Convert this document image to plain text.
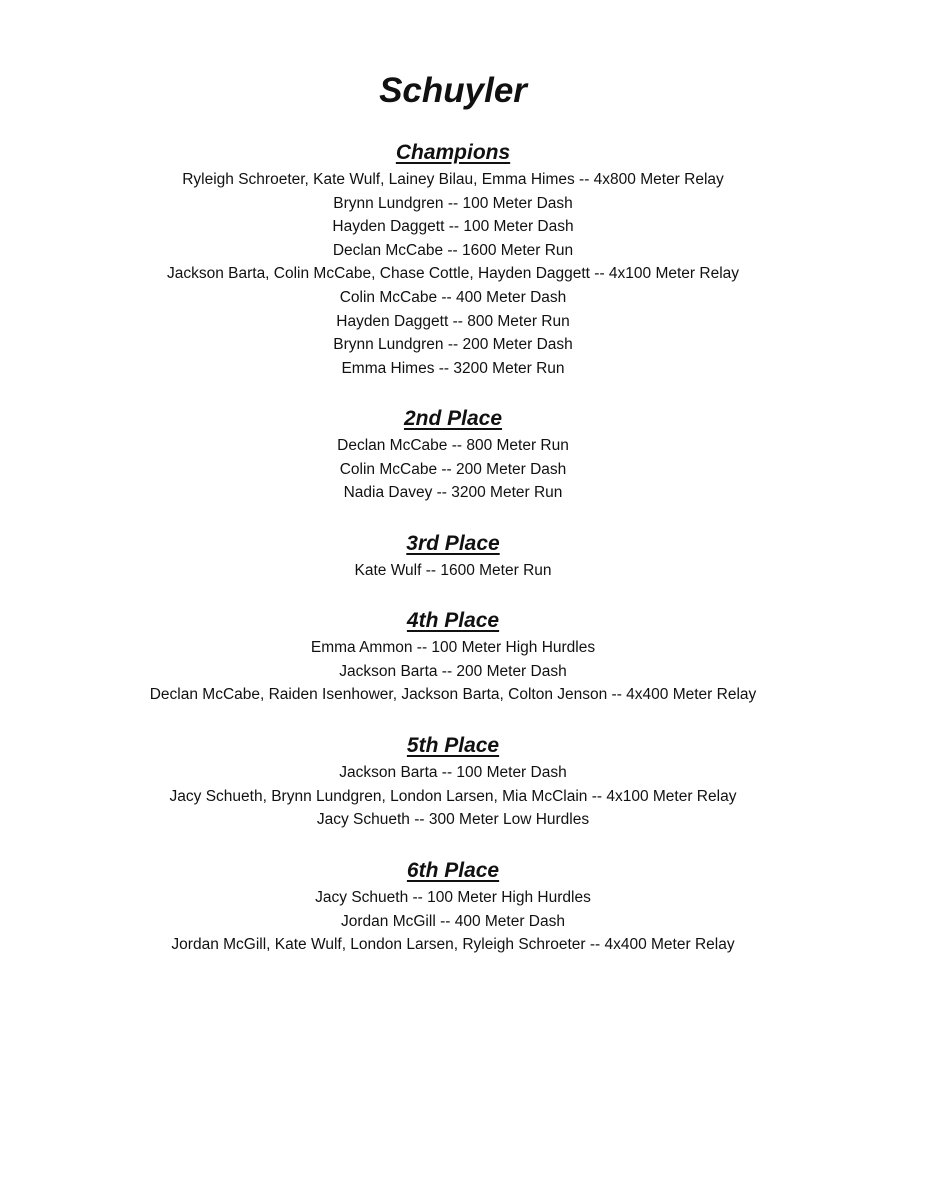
Schuyler
Champions
Ryleigh Schroeter, Kate Wulf, Lainey Bilau, Emma Himes -- 4x800 Meter Relay
Brynn Lundgren -- 100 Meter Dash
Hayden Daggett -- 100 Meter Dash
Declan McCabe -- 1600 Meter Run
Jackson Barta, Colin McCabe, Chase Cottle, Hayden Daggett -- 4x100 Meter Relay
Colin McCabe -- 400 Meter Dash
Hayden Daggett -- 800 Meter Run
Brynn Lundgren -- 200 Meter Dash
Emma Himes -- 3200 Meter Run
2nd Place
Declan McCabe -- 800 Meter Run
Colin McCabe -- 200 Meter Dash
Nadia Davey -- 3200 Meter Run
3rd Place
Kate Wulf -- 1600 Meter Run
4th Place
Emma Ammon -- 100 Meter High Hurdles
Jackson Barta -- 200 Meter Dash
Declan McCabe, Raiden Isenhower, Jackson Barta, Colton Jenson -- 4x400 Meter Relay
5th Place
Jackson Barta -- 100 Meter Dash
Jacy Schueth, Brynn Lundgren, London Larsen, Mia McClain -- 4x100 Meter Relay
Jacy Schueth -- 300 Meter Low Hurdles
6th Place
Jacy Schueth -- 100 Meter High Hurdles
Jordan McGill -- 400 Meter Dash
Jordan McGill, Kate Wulf, London Larsen, Ryleigh Schroeter -- 4x400 Meter Relay
